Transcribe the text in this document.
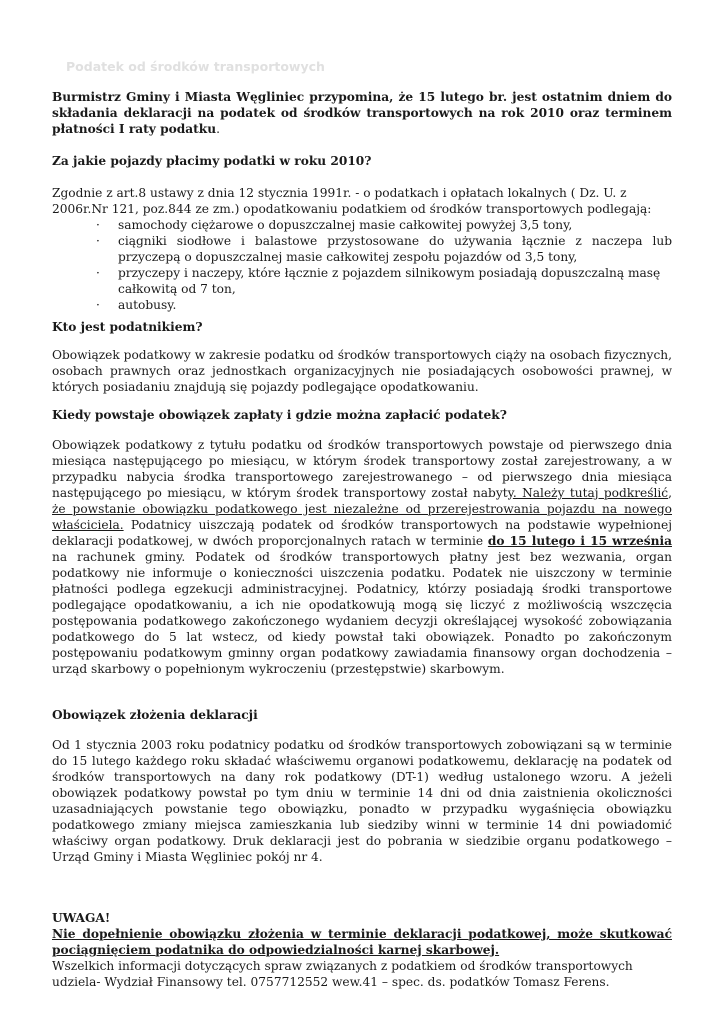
Podatek od środków transportowych

Burmistrz Gminy i Miasta Węgliniec przypomina, że 15 lutego br. jest ostatnim dniem do składania deklaracji na podatek od środków transportowych na rok 2010 oraz terminem płatności I raty podatku.

Za jakie pojazdy płacimy podatki w roku 2010?

Zgodnie z art.8 ustawy z dnia 12 stycznia 1991r. - o podatkach i opłatach lokalnych ( Dz. U. z 2006r.Nr 121, poz.844 ze zm.) opodatkowaniu podatkiem od środków transportowych podlegają:

· samochody ciężarowe o dopuszczalnej masie całkowitej powyżej 3,5 tony,
· ciągniki siodłowe i balastowe przystosowane do używania łącznie z naczepa lub przyczepą o dopuszczalnej masie całkowitej zespołu pojazdów od 3,5 tony,
· przyczepy i naczepy, które łącznie z pojazdem silnikowym posiadają dopuszczalną masę całkowitą od 7 ton,
· autobusy.

Kto jest podatnikiem?

Obowiązek podatkowy w zakresie podatku od środków transportowych ciąży na osobach fizycznych, osobach prawnych oraz jednostkach organizacyjnych nie posiadających osobowości prawnej, w których posiadaniu znajdują się pojazdy podlegające opodatkowaniu.

Kiedy powstaje obowiązek zapłaty i gdzie można zapłacić podatek?

Obowiązek podatkowy z tytułu podatku od środków transportowych powstaje od pierwszego dnia miesiąca następującego po miesiącu, w którym środek transportowy został zarejestrowany, a w przypadku nabycia środka transportowego zarejestrowanego – od pierwszego dnia miesiąca następującego po miesiącu, w którym środek transportowy został nabyty. Należy tutaj podkreślić, że powstanie obowiązku podatkowego jest niezależne od przerejestrowania pojazdu na nowego właściciela. Podatnicy uiszczają podatek od środków transportowych na podstawie wypełnionej deklaracji podatkowej, w dwóch proporcjonalnych ratach w terminie do 15 lutego i 15 września na rachunek gminy. Podatek od środków transportowych płatny jest bez wezwania, organ podatkowy nie informuje o konieczności uiszczenia podatku. Podatek nie uiszczony w terminie płatności podlega egzekucji administracyjnej. Podatnicy, którzy posiadają środki transportowe podlegające opodatkowaniu, a ich nie opodatkowują mogą się liczyć z możliwością wszczęcia postępowania podatkowego zakończonego wydaniem decyzji określającej wysokość zobowiązania podatkowego do 5 lat wstecz, od kiedy powstał taki obowiązek. Ponadto po zakończonym postępowaniu podatkowym gminny organ podatkowy zawiadamia finansowy organ dochodzenia – urząd skarbowy o popełnionym wykroczeniu (przestępstwie) skarbowym.

Obowiązek złożenia deklaracji

Od 1 stycznia 2003 roku podatnicy podatku od środków transportowych zobowiązani są w terminie do 15 lutego każdego roku składać właściwemu organowi podatkowemu, deklarację na podatek od środków transportowych na dany rok podatkowy (DT-1) według ustalonego wzoru. A jeżeli obowiązek podatkowy powstał po tym dniu w terminie 14 dni od dnia zaistnienia okoliczności uzasadniających powstanie tego obowiązku, ponadto w przypadku wygaśnięcia obowiązku podatkowego zmiany miejsca zamieszkania lub siedziby winni w terminie 14 dni powiadomić właściwy organ podatkowy. Druk deklaracji jest do pobrania w siedzibie organu podatkowego – Urząd Gminy i Miasta Węgliniec pokój nr 4.

UWAGA!

Nie dopełnienie obowiązku złożenia w terminie deklaracji podatkowej, może skutkować pociągnięciem podatnika do odpowiedzialności karnej skarbowej.

Wszelkich informacji dotyczących spraw związanych z podatkiem od środków transportowych udziela- Wydział Finansowy tel. 0757712552 wew.41 – spec. ds. podatków Tomasz Ferens.
